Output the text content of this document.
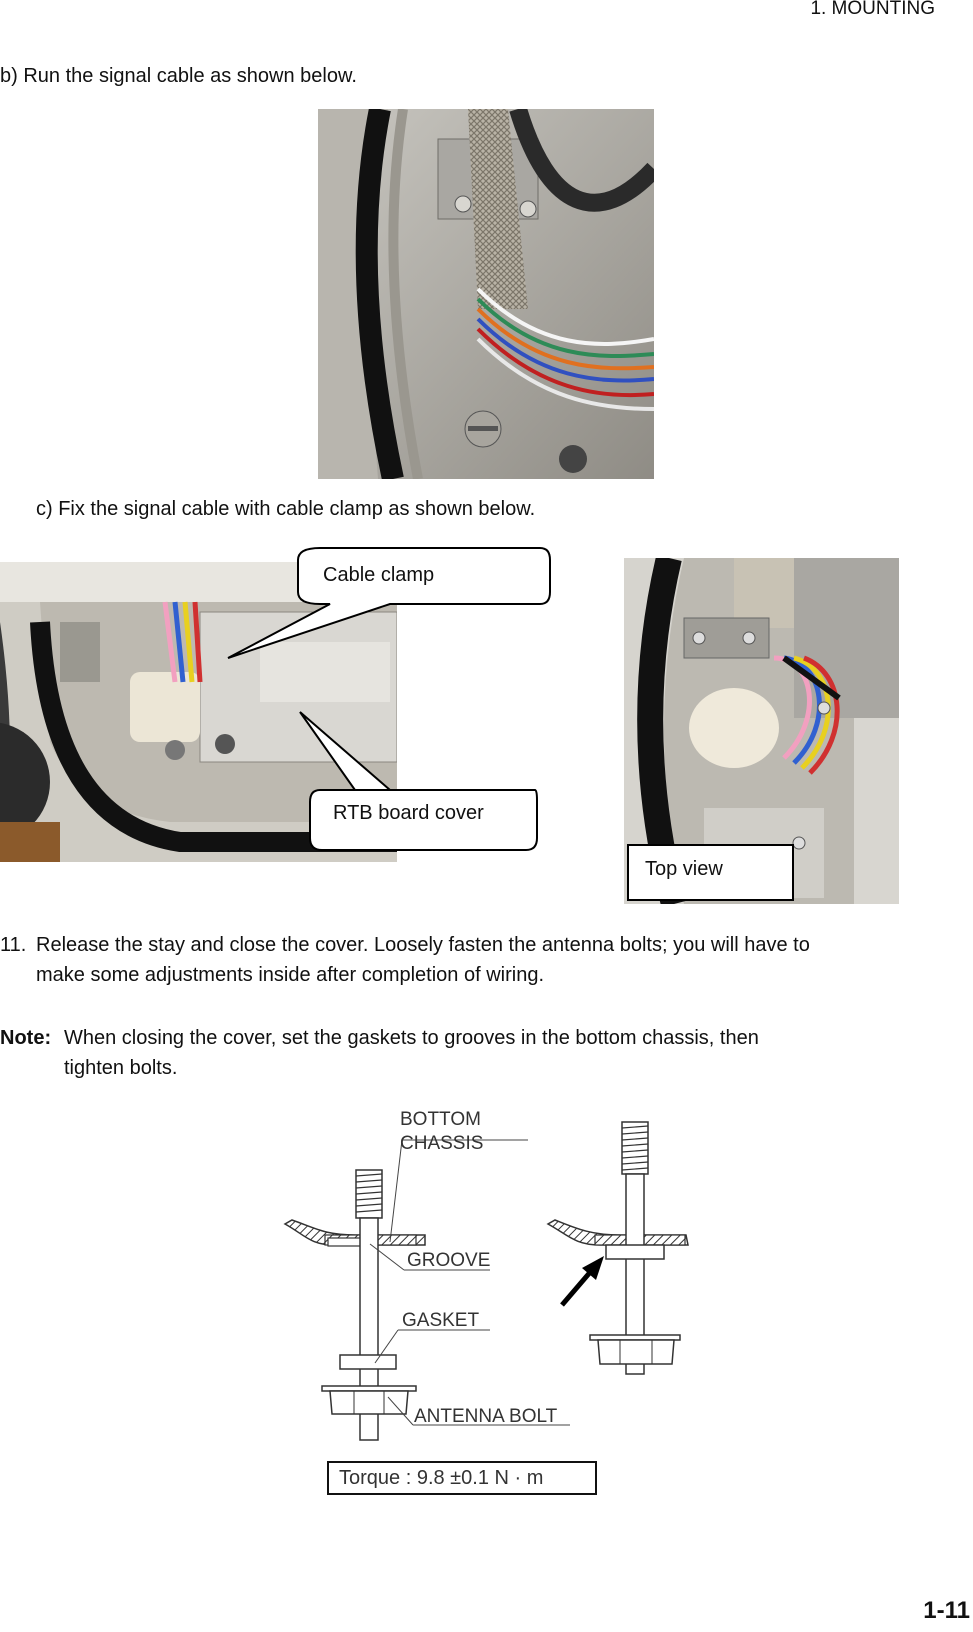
1. MOUNTING
b) Run the signal cable as shown below.
c) Fix the signal cable with cable clamp as shown below.
Cable clamp
RTB board cover
Top view
11. Release the stay and close the cover. Loosely fasten the antenna bolts; you will have to
make some adjustments inside after completion of wiring.
Note: When closing the cover, set the gaskets to grooves in the bottom chassis, then
tighten bolts.
BOTTOM
CHASSIS
GROOVE
GASKET
ANTENNA BOLT
Torque : 9.8 ±0.1 N · m
1-11
